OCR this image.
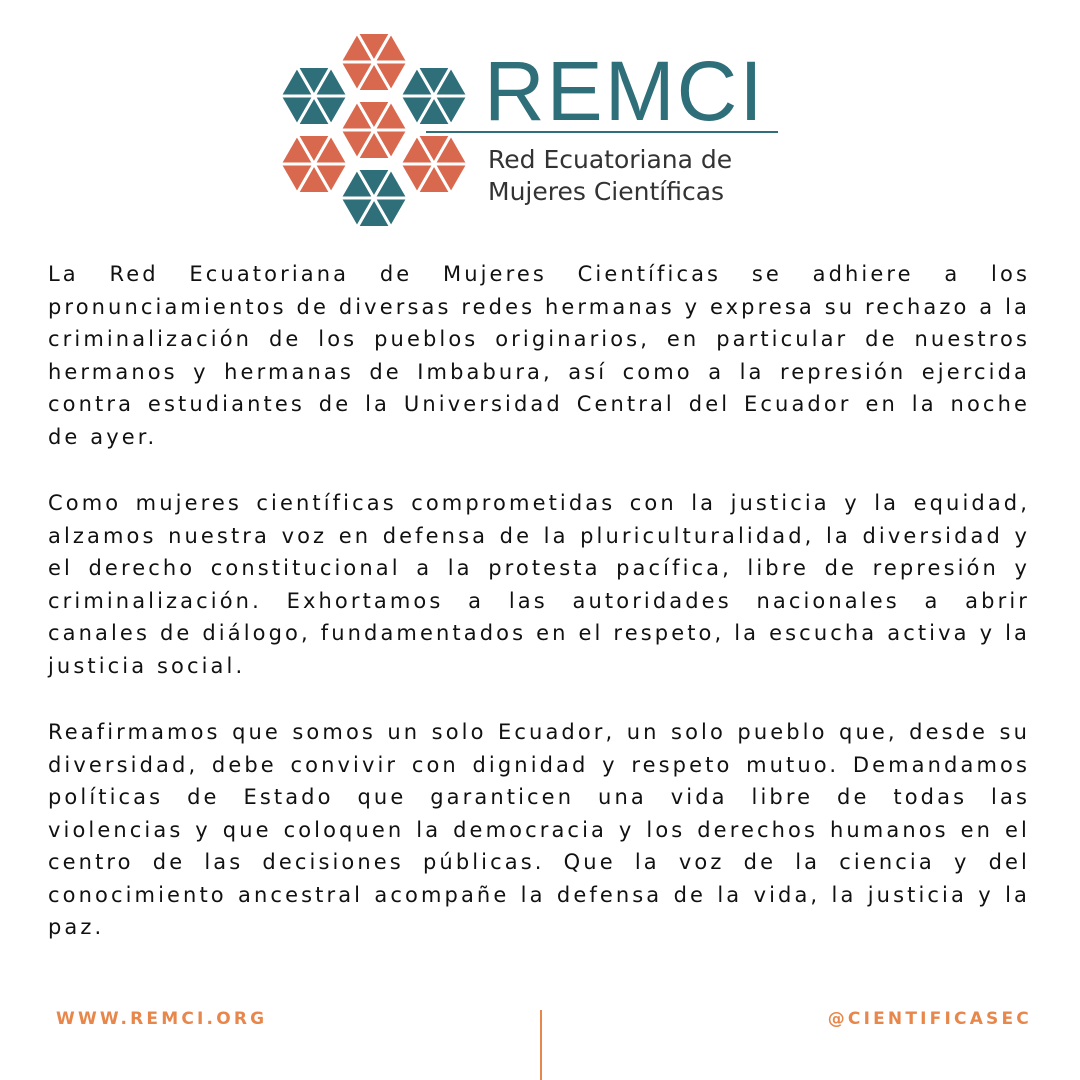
REMCI
Red Ecuatoriana de
Mujeres Científicas

La Red Ecuatoriana de Mujeres Científicas se adhiere a los pronunciamientos de diversas redes hermanas y expresa su rechazo a la criminalización de los pueblos originarios, en particular de nuestros hermanos y hermanas de Imbabura, así como a la represión ejercida contra estudiantes de la Universidad Central del Ecuador en la noche de ayer.

Como mujeres científicas comprometidas con la justicia y la equidad, alzamos nuestra voz en defensa de la pluriculturalidad, la diversidad y el derecho constitucional a la protesta pacífica, libre de represión y criminalización. Exhortamos a las autoridades nacionales a abrir canales de diálogo, fundamentados en el respeto, la escucha activa y la justicia social.

Reafirmamos que somos un solo Ecuador, un solo pueblo que, desde su diversidad, debe convivir con dignidad y respeto mutuo. Demandamos políticas de Estado que garanticen una vida libre de todas las violencias y que coloquen la democracia y los derechos humanos en el centro de las decisiones públicas. Que la voz de la ciencia y del conocimiento ancestral acompañe la defensa de la vida, la justicia y la paz.

WWW.REMCI.ORG	@CIENTIFICASEC
